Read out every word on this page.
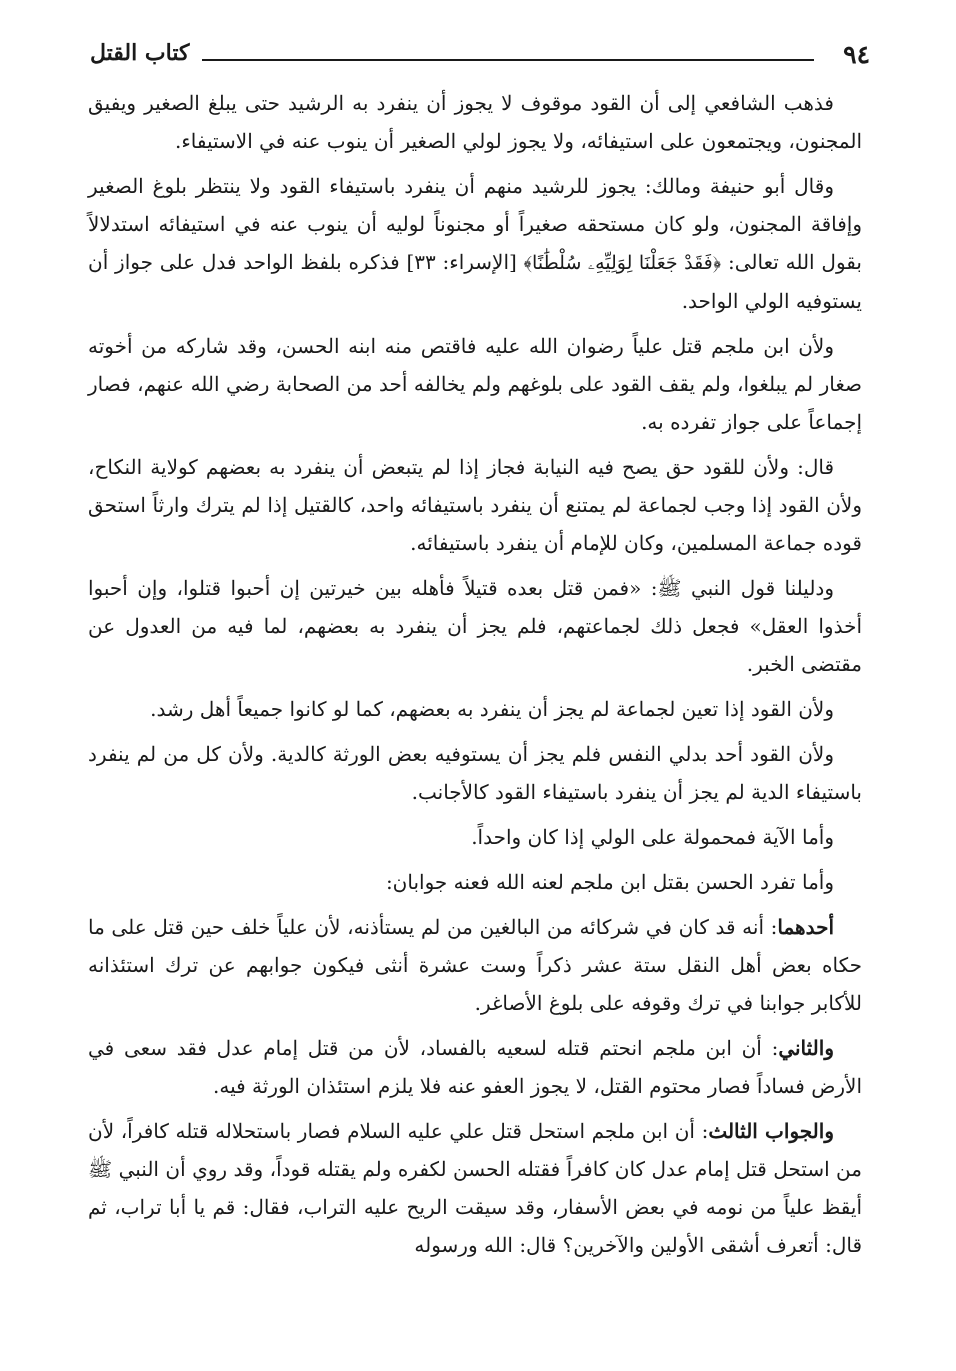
٩٤
كتاب القتل

فذهب الشافعي إلى أن القود موقوف لا يجوز أن ينفرد به الرشيد حتى يبلغ الصغير ويفيق المجنون، ويجتمعون على استيفائه، ولا يجوز لولي الصغير أن ينوب عنه في الاستيفاء.

وقال أبو حنيفة ومالك: يجوز للرشيد منهم أن ينفرد باستيفاء القود ولا ينتظر بلوغ الصغير وإفاقة المجنون، ولو كان مستحقه صغيراً أو مجنوناً لوليه أن ينوب عنه في استيفائه استدلالاً بقول الله تعالى: ﴿فَقَدْ جَعَلْنَا لِوَلِيِّهِۦ سُلْطَٰنًا﴾ [الإسراء: ٣٣] فذكره بلفظ الواحد فدل على جواز أن يستوفيه الولي الواحد.

ولأن ابن ملجم قتل علياً رضوان الله عليه فاقتص منه ابنه الحسن، وقد شاركه من أخوته صغار لم يبلغوا، ولم يقف القود على بلوغهم ولم يخالفه أحد من الصحابة رضي الله عنهم، فصار إجماعاً على جواز تفرده به.

قال: ولأن للقود حق يصح فيه النيابة فجاز إذا لم يتبعض أن ينفرد به بعضهم كولاية النكاح، ولأن القود إذا وجب لجماعة لم يمتنع أن ينفرد باستيفائه واحد، كالقتيل إذا لم يترك وارثاً استحق قوده جماعة المسلمين، وكان للإمام أن ينفرد باستيفائه.

ودليلنا قول النبي ﷺ: «فمن قتل بعده قتيلاً فأهله بين خيرتين إن أحبوا قتلوا، وإن أحبوا أخذوا العقل» فجعل ذلك لجماعتهم، فلم يجز أن ينفرد به بعضهم، لما فيه من العدول عن مقتضى الخبر.

ولأن القود إذا تعين لجماعة لم يجز أن ينفرد به بعضهم، كما لو كانوا جميعاً أهل رشد.

ولأن القود أحد بدلي النفس فلم يجز أن يستوفيه بعض الورثة كالدية. ولأن كل من لم ينفرد باستيفاء الدية لم يجز أن ينفرد باستيفاء القود كالأجانب.

وأما الآية فمحمولة على الولي إذا كان واحداً.

وأما تفرد الحسن بقتل ابن ملجم لعنه الله فعنه جوابان:

أحدهما: أنه قد كان في شركائه من البالغين من لم يستأذنه، لأن علياً خلف حين قتل على ما حكاه بعض أهل النقل ستة عشر ذكراً وست عشرة أنثى فيكون جوابهم عن ترك استئذانه للأكابر جوابنا في ترك وقوفه على بلوغ الأصاغر.

والثاني: أن ابن ملجم انحتم قتله لسعيه بالفساد، لأن من قتل إمام عدل فقد سعى في الأرض فساداً فصار محتوم القتل، لا يجوز العفو عنه فلا يلزم استئذان الورثة فيه.

والجواب الثالث: أن ابن ملجم استحل قتل علي عليه السلام فصار باستحلاله قتله كافراً، لأن من استحل قتل إمام عدل كان كافراً فقتله الحسن لكفره ولم يقتله قوداً، وقد روي أن النبي ﷺ أيقظ علياً من نومه في بعض الأسفار، وقد سيقت الريح عليه التراب، فقال: قم يا أبا تراب، ثم قال: أتعرف أشقى الأولين والآخرين؟ قال: الله ورسوله
